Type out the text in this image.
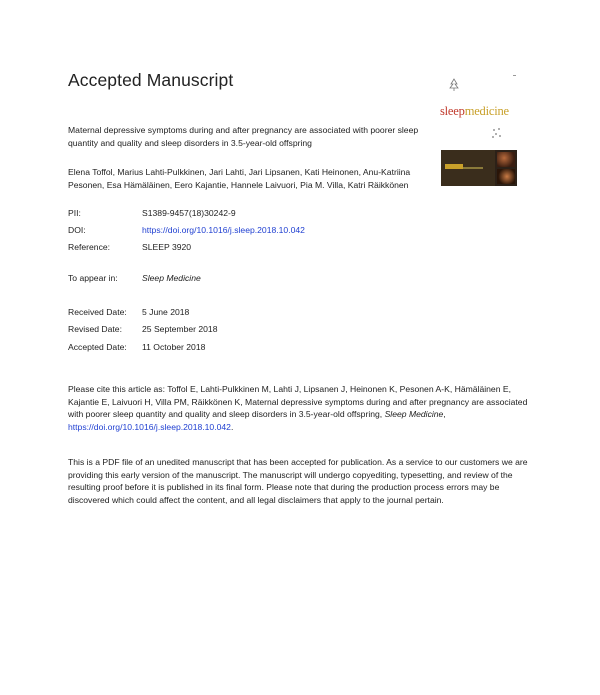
Accepted Manuscript
sleepmedicine
Maternal depressive symptoms during and after pregnancy are associated with poorer sleep quantity and quality and sleep disorders in 3.5-year-old offspring
Elena Toffol, Marius Lahti-Pulkkinen, Jari Lahti, Jari Lipsanen, Kati Heinonen, Anu-Katriina Pesonen, Esa Hämäläinen, Eero Kajantie, Hannele Laivuori, Pia M. Villa, Katri Räikkönen
PII:	S1389-9457(18)30242-9
DOI:	https://doi.org/10.1016/j.sleep.2018.10.042
Reference:	SLEEP 3920
To appear in:	Sleep Medicine
Received Date: 5 June 2018
Revised Date: 25 September 2018
Accepted Date: 11 October 2018
Please cite this article as: Toffol E, Lahti-Pulkkinen M, Lahti J, Lipsanen J, Heinonen K, Pesonen A-K, Hämäläinen E, Kajantie E, Laivuori H, Villa PM, Räikkönen K, Maternal depressive symptoms during and after pregnancy are associated with poorer sleep quantity and quality and sleep disorders in 3.5-year-old offspring, Sleep Medicine, https://doi.org/10.1016/j.sleep.2018.10.042.
This is a PDF file of an unedited manuscript that has been accepted for publication. As a service to our customers we are providing this early version of the manuscript. The manuscript will undergo copyediting, typesetting, and review of the resulting proof before it is published in its final form. Please note that during the production process errors may be discovered which could affect the content, and all legal disclaimers that apply to the journal pertain.
